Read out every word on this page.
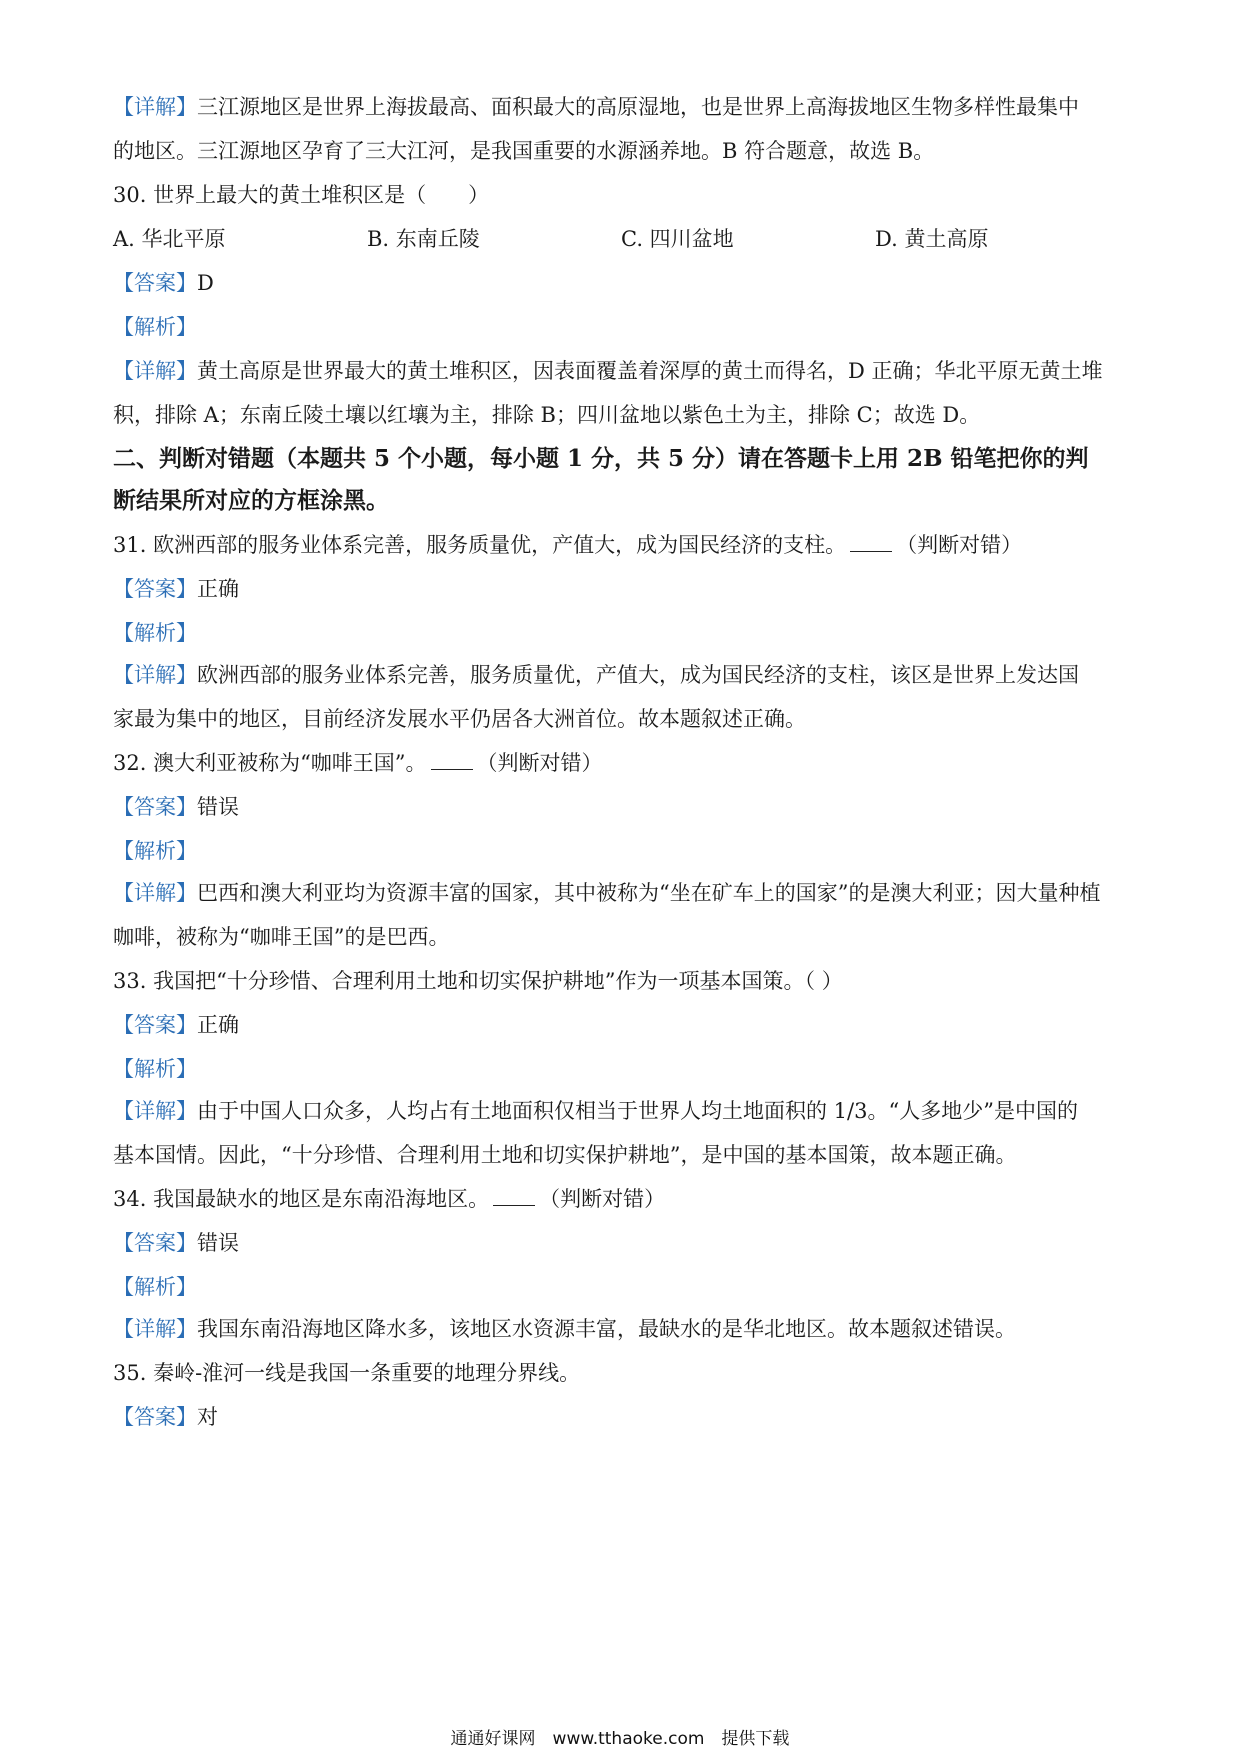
【详解】三江源地区是世界上海拔最高、面积最大的高原湿地，也是世界上高海拔地区生物多样性最集中
的地区。三江源地区孕育了三大江河，是我国重要的水源涵养地。B 符合题意，故选 B。
30. 世界上最大的黄土堆积区是（　　）
A. 华北平原	B. 东南丘陵	C. 四川盆地	D. 黄土高原
【答案】D
【解析】
【详解】黄土高原是世界最大的黄土堆积区，因表面覆盖着深厚的黄土而得名，D 正确；华北平原无黄土堆
积，排除 A；东南丘陵土壤以红壤为主，排除 B；四川盆地以紫色土为主，排除 C；故选 D。
二、判断对错题（本题共 5 个小题，每小题 1 分，共 5 分）请在答题卡上用 2B 铅笔把你的判
断结果所对应的方框涂黑。
31. 欧洲西部的服务业体系完善，服务质量优，产值大，成为国民经济的支柱。 （判断对错）
【答案】正确
【解析】
【详解】欧洲西部的服务业体系完善，服务质量优，产值大，成为国民经济的支柱，该区是世界上发达国
家最为集中的地区，目前经济发展水平仍居各大洲首位。故本题叙述正确。
32. 澳大利亚被称为“咖啡王国”。 （判断对错）
【答案】错误
【解析】
【详解】巴西和澳大利亚均为资源丰富的国家，其中被称为“坐在矿车上的国家”的是澳大利亚；因大量种植
咖啡，被称为“咖啡王国”的是巴西。
33. 我国把“十分珍惜、合理利用土地和切实保护耕地”作为一项基本国策。（ ）
【答案】正确
【解析】
【详解】由于中国人口众多，人均占有土地面积仅相当于世界人均土地面积的 1/3。“人多地少”是中国的
基本国情。因此，“十分珍惜、合理利用土地和切实保护耕地”，是中国的基本国策，故本题正确。
34. 我国最缺水的地区是东南沿海地区。 （判断对错）
【答案】错误
【解析】
【详解】我国东南沿海地区降水多，该地区水资源丰富，最缺水的是华北地区。故本题叙述错误。
35. 秦岭-淮河一线是我国一条重要的地理分界线。
【答案】对
通通好课网　www.tthaoke.com　提供下载
